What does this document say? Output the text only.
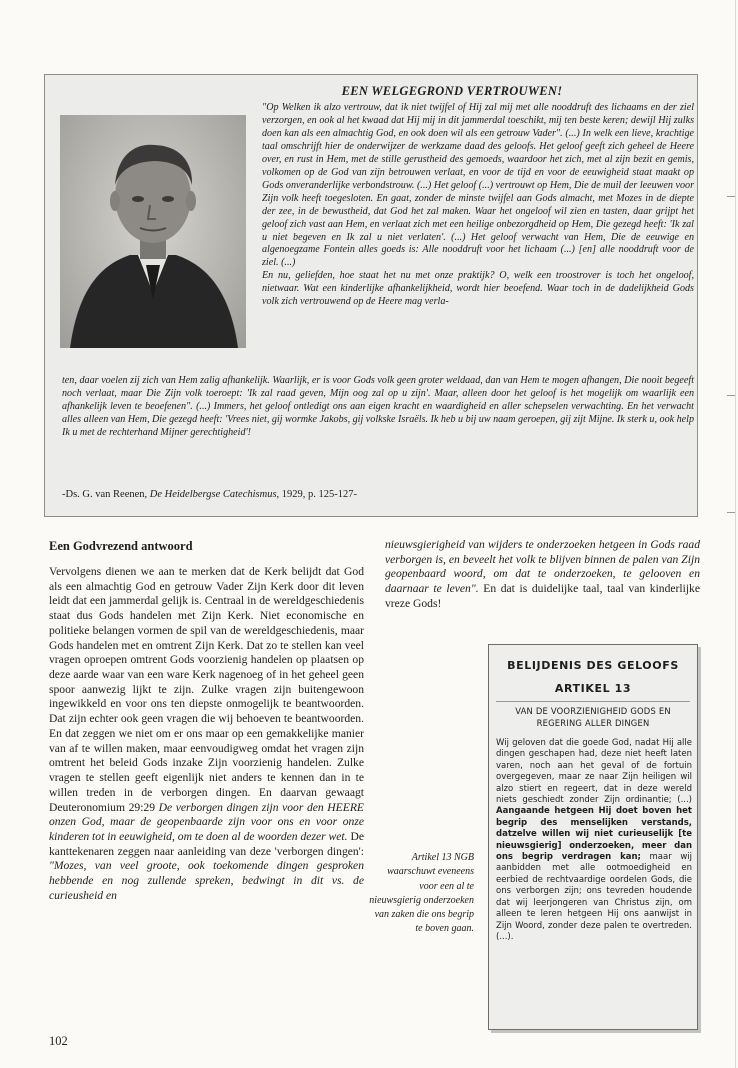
EEN WELGEGROND VERTROUWEN!

"Op Welken ik alzo vertrouw, dat ik niet twijfel of Hij zal mij met alle nooddruft des lichaams en der ziel verzorgen, en ook al het kwaad dat Hij mij in dit jammerdal toeschikt, mij ten beste keren; dewijl Hij zulks doen kan als een almachtig God, en ook doen wil als een getrouw Vader". (...) In welk een lieve, krachtige taal omschrijft hier de onderwijzer de werkzame daad des geloofs. Het geloof geeft zich geheel de Heere over, en rust in Hem, met de stille gerustheid des gemoeds, waardoor het zich, met al zijn bezit en gemis, volkomen op de God van zijn betrouwen verlaat, en voor de tijd en voor de eeuwigheid staat maakt op Gods onveranderlijke verbondstrouw. (...) Het geloof (...) vertrouwt op Hem, Die de muil der leeuwen voor Zijn volk heeft toegesloten. En gaat, zonder de minste twijfel aan Gods almacht, met Mozes in de diepte der zee, in de bewustheid, dat God het zal maken. Waar het ongeloof wil zien en tasten, daar grijpt het geloof zich vast aan Hem, en verlaat zich met een heilige onbezorgdheid op Hem, Die gezegd heeft: 'Ik zal u niet begeven en Ik zal u niet verlaten'. (...) Het geloof verwacht van Hem, Die de eeuwige en algenoegzame Fontein alles goeds is: Alle nooddruft voor het lichaam (...) [en] alle nooddruft voor de ziel. (...)

En nu, geliefden, hoe staat het nu met onze praktijk? O, welk een troostrover is toch het ongeloof, nietwaar. Wat een kinderlijke afhankelijkheid, wordt hier beoefend. Waar toch in de dadelijkheid Gods volk zich vertrouwend op de Heere mag verla-

ten, daar voelen zij zich van Hem zalig afhankelijk. Waarlijk, er is voor Gods volk geen groter weldaad, dan van Hem te mogen afhangen, Die nooit begeeft noch verlaat, maar Die Zijn volk toeroept: 'Ik zal raad geven, Mijn oog zal op u zijn'. Maar, alleen door het geloof is het mogelijk om waarlijk een afhankelijk leven te beoefenen". (...) Immers, het geloof ontledigt ons aan eigen kracht en waardigheid en aller schepselen verwachting. En het verwacht alles alleen van Hem, Die gezegd heeft: 'Vrees niet, gij wormke Jakobs, gij volkske Israëls. Ik heb u bij uw naam geroepen, gij zijt Mijne. Ik sterk u, ook help Ik u met de rechterhand Mijner gerechtigheid'!

-Ds. G. van Reenen, De Heidelbergse Catechismus, 1929, p. 125-127-
Een Godvrezend antwoord

Vervolgens dienen we aan te merken dat de Kerk belijdt dat God als een almachtig God en getrouw Vader Zijn Kerk door dit leven leidt dat een jammerdal gelijk is. Centraal in de wereldgeschiedenis staat dus Gods handelen met Zijn Kerk. Niet economische en politieke belangen vormen de spil van de wereldgeschiedenis, maar Gods handelen met en omtrent Zijn Kerk. Dat zo te stellen kan veel vragen oproepen omtrent Gods voorzienig handelen op plaatsen op deze aarde waar van een ware Kerk nagenoeg of in het geheel geen spoor aanwezig lijkt te zijn. Zulke vragen zijn buitengewoon ingewikkeld en voor ons ten diepste onmogelijk te beantwoorden. Dat zijn echter ook geen vragen die wij behoeven te beantwoorden. En dat zeggen we niet om er ons maar op een gemakkelijke manier van af te willen maken, maar eenvoudigweg omdat het vragen zijn omtrent het beleid Gods inzake Zijn voorzienig handelen. Zulke vragen te stellen geeft eigenlijk niet anders te kennen dan in te willen treden in de verborgen dingen. En daarvan gewaagt Deuteronomium 29:29 De verborgen dingen zijn voor den HEERE onzen God, maar de geopenbaarde zijn voor ons en voor onze kinderen tot in eeuwigheid, om te doen al de woorden dezer wet. De kanttekenaren zeggen naar aanleiding van deze 'verborgen dingen': "Mozes, van veel groote, ook toekomende dingen gesproken hebbende en nog zullende spreken, bedwingt in dit vs. de curieusheid en

nieuwsgierigheid van wijders te onderzoeken hetgeen in Gods raad verborgen is, en beveelt het volk te blijven binnen de palen van Zijn geopenbaard woord, om dat te onderzoeken, te gelooven en daarnaar te leven". En dat is duidelijke taal, taal van kinderlijke vreze Gods!

Artikel 13 NGB waarschuwt eveneens voor een al te nieuwsgierig onderzoeken van zaken die ons begrip te boven gaan.
BELIJDENIS DES GELOOFS
ARTIKEL 13
VAN DE VOORZIENIGHEID GODS EN REGERING ALLER DINGEN
Wij geloven dat die goede God, nadat Hij alle dingen geschapen had, deze niet heeft laten varen, noch aan het geval of de fortuin overgegeven, maar ze naar Zijn heiligen wil alzo stiert en regeert, dat in deze wereld niets geschiedt zonder Zijn ordinantie; (...) Aangaande hetgeen Hij doet boven het begrip des menselijken verstands, datzelve willen wij niet curieuselijk [te nieuwsgierig] onderzoeken, meer dan ons begrip verdragen kan; maar wij aanbidden met alle ootmoedigheid en eerbied de rechtvaardige oordelen Gods, die ons verborgen zijn; ons tevreden houdende dat wij leerjongeren van Christus zijn, om alleen te leren hetgeen Hij ons aanwijst in Zijn Woord, zonder deze palen te overtreden. (...).
102
